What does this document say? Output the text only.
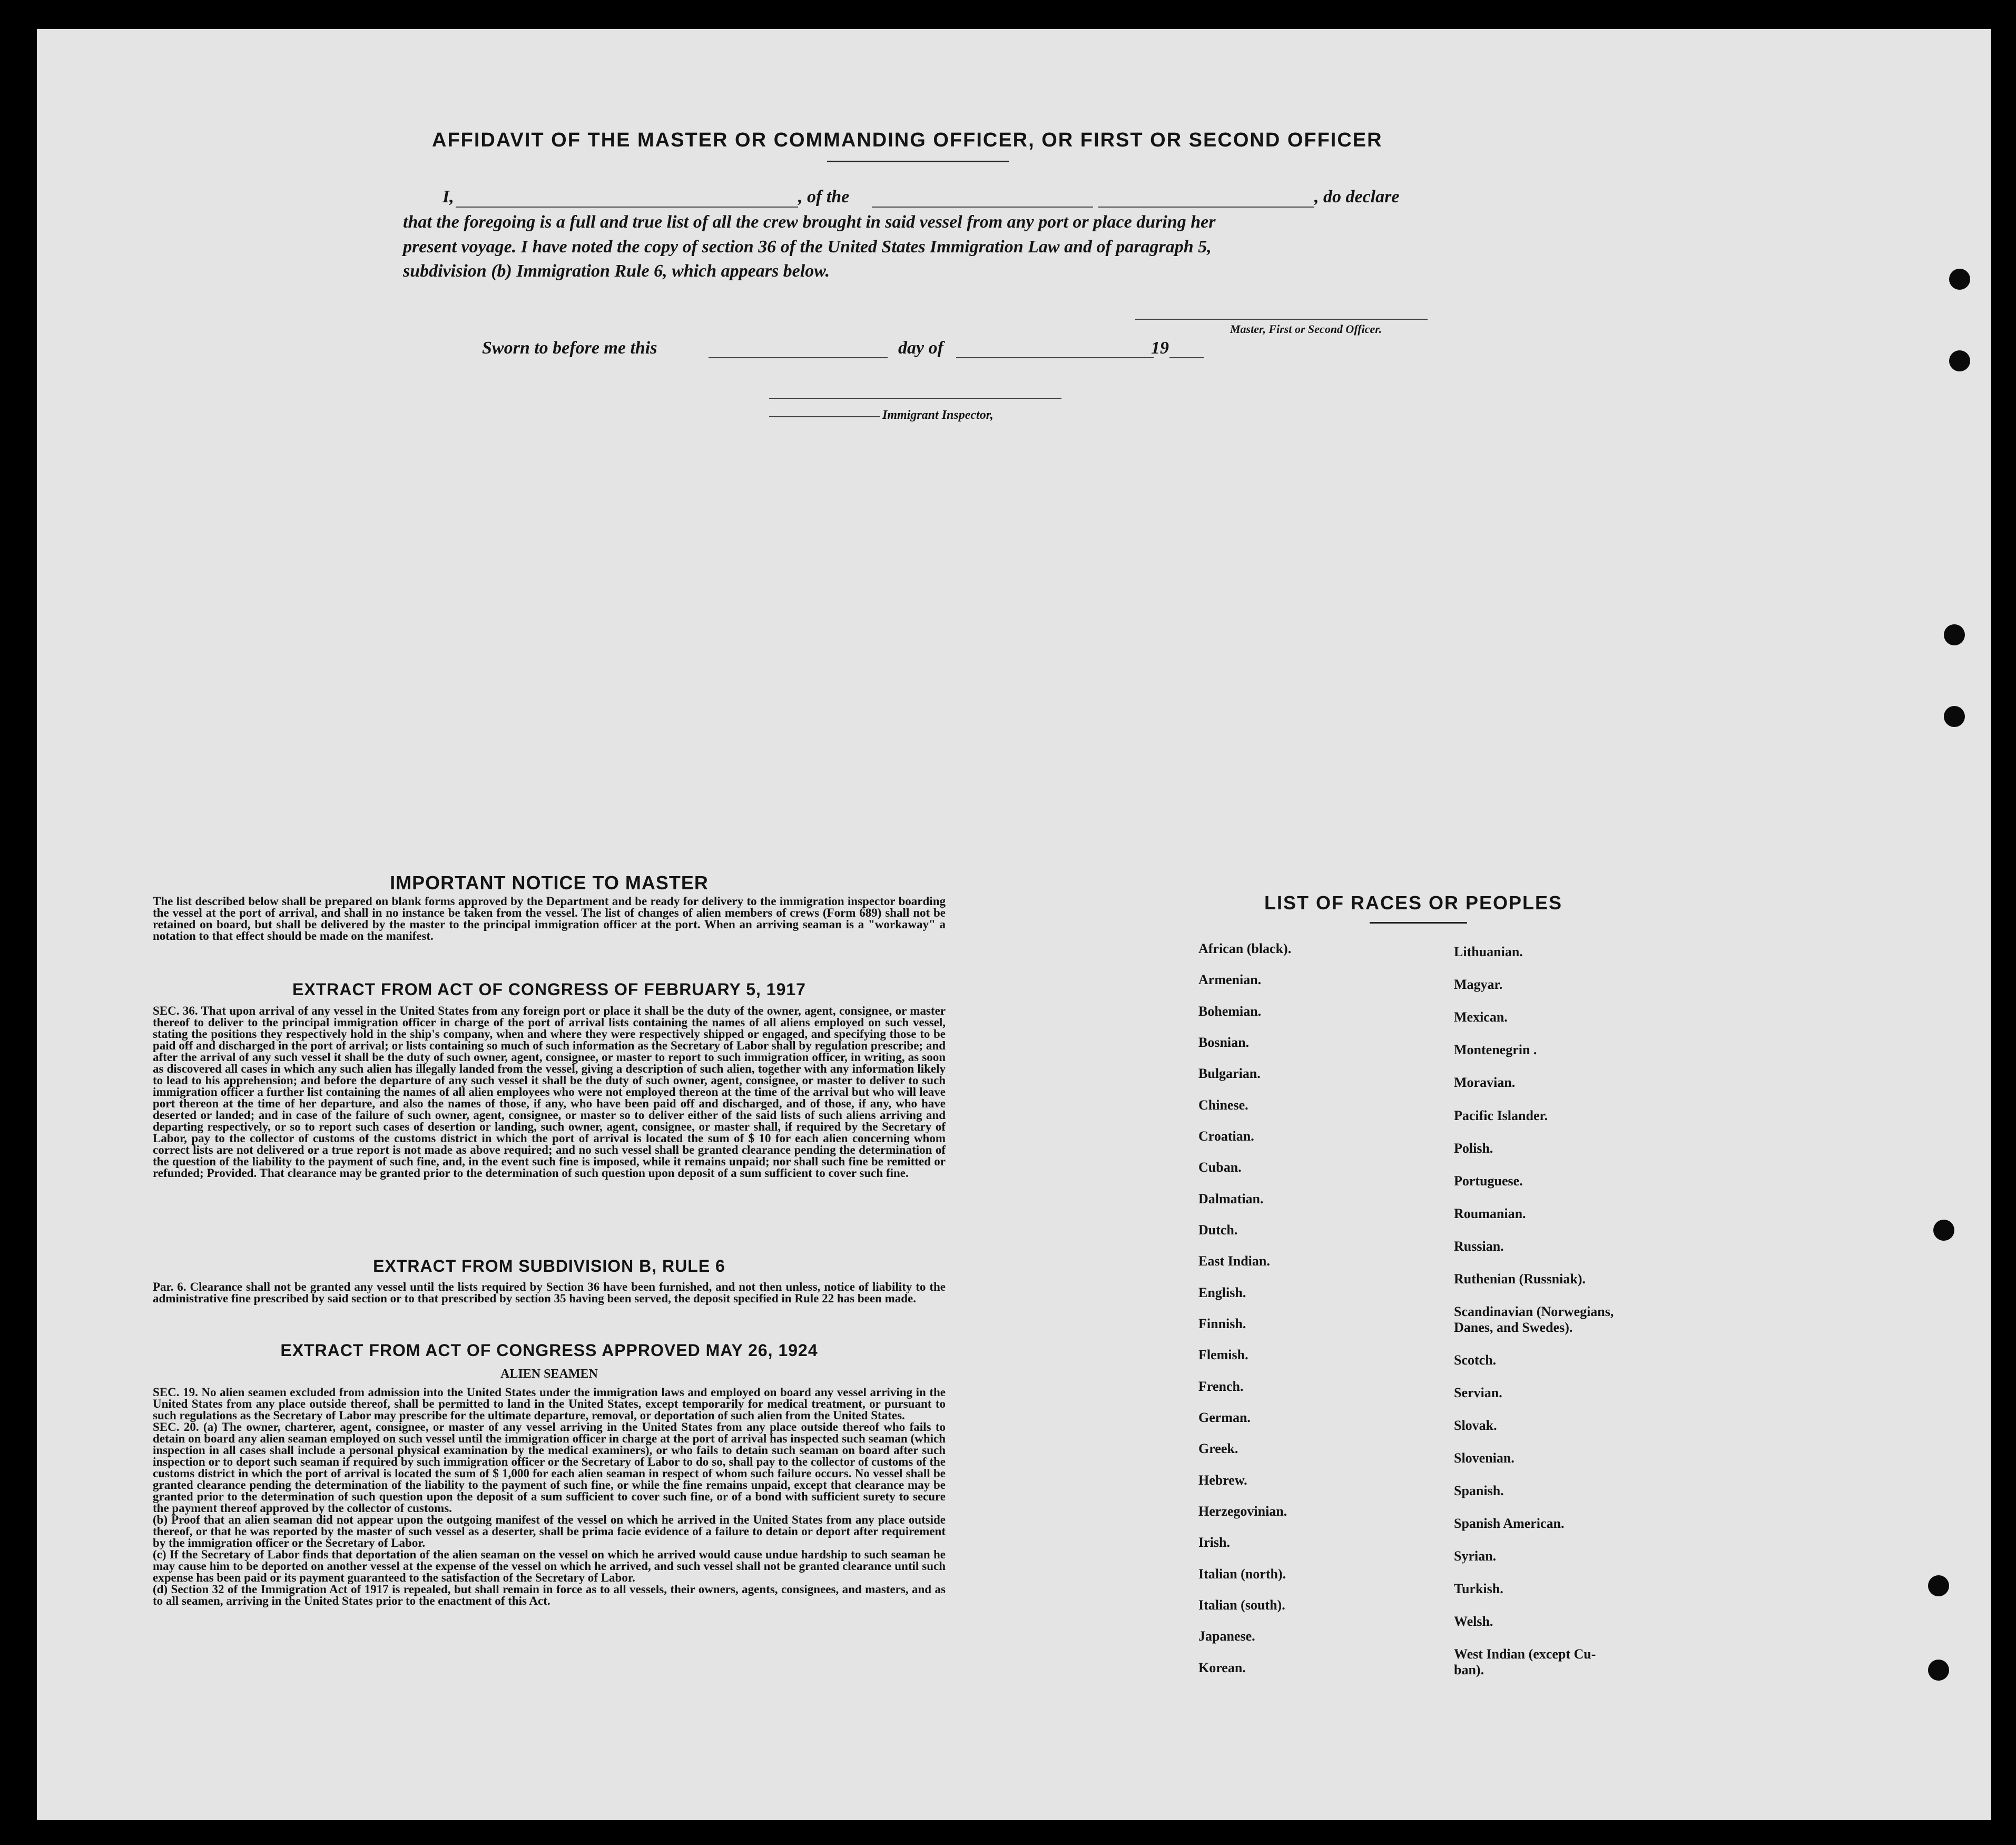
AFFIDAVIT OF THE MASTER OR COMMANDING OFFICER, OR FIRST OR SECOND OFFICER
I,	, of the	, do declare
that the foregoing is a full and true list of all the crew brought in said vessel from any port or place during her
present voyage. I have noted the copy of section 36 of the United States Immigration Law and of paragraph 5,
subdivision (b) Immigration Rule 6, which appears below.
Master, First or Second Officer.
Sworn to before me this	day of	19
Immigrant Inspector,
IMPORTANT NOTICE TO MASTER
The list described below shall be prepared on blank forms approved by the Department and be ready for delivery to the immigration inspector boarding the vessel at the port of arrival, and shall in no instance be taken from the vessel. The list of changes of alien members of crews (Form 689) shall not be retained on board, but shall be delivered by the master to the principal immigration officer at the port. When an arriving seaman is a "workaway" a notation to that effect should be made on the manifest.
EXTRACT FROM ACT OF CONGRESS OF FEBRUARY 5, 1917
SEC. 36. That upon arrival of any vessel in the United States from any foreign port or place it shall be the duty of the owner, agent, consignee, or master thereof to deliver to the principal immigration officer in charge of the port of arrival lists containing the names of all aliens employed on such vessel, stating the positions they respectively hold in the ship's company, when and where they were respectively shipped or engaged, and specifying those to be paid off and discharged in the port of arrival; or lists containing so much of such information as the Secretary of Labor shall by regulation prescribe; and after the arrival of any such vessel it shall be the duty of such owner, agent, consignee, or master to report to such immigration officer, in writing, as soon as discovered all cases in which any such alien has illegally landed from the vessel, giving a description of such alien, together with any information likely to lead to his apprehension; and before the departure of any such vessel it shall be the duty of such owner, agent, consignee, or master to deliver to such immigration officer a further list containing the names of all alien employees who were not employed thereon at the time of the arrival but who will leave port thereon at the time of her departure, and also the names of those, if any, who have been paid off and discharged, and of those, if any, who have deserted or landed; and in case of the failure of such owner, agent, consignee, or master so to deliver either of the said lists of such aliens arriving and departing respectively, or so to report such cases of desertion or landing, such owner, agent, consignee, or master shall, if required by the Secretary of Labor, pay to the collector of customs of the customs district in which the port of arrival is located the sum of $ 10 for each alien concerning whom correct lists are not delivered or a true report is not made as above required; and no such vessel shall be granted clearance pending the determination of the question of the liability to the payment of such fine, and, in the event such fine is imposed, while it remains unpaid; nor shall such fine be remitted or refunded; Provided. That clearance may be granted prior to the determination of such question upon deposit of a sum sufficient to cover such fine.
EXTRACT FROM SUBDIVISION B, RULE 6
Par. 6. Clearance shall not be granted any vessel until the lists required by Section 36 have been furnished, and not then unless, notice of liability to the administrative fine prescribed by said section or to that prescribed by section 35 having been served, the deposit specified in Rule 22 has been made.
EXTRACT FROM ACT OF CONGRESS APPROVED MAY 26, 1924
ALIEN SEAMEN
SEC. 19. No alien seamen excluded from admission into the United States under the immigration laws and employed on board any vessel arriving in the United States from any place outside thereof, shall be permitted to land in the United States, except temporarily for medical treatment, or pursuant to such regulations as the Secretary of Labor may prescribe for the ultimate departure, removal, or deportation of such alien from the United States.
SEC. 20. (a) The owner, charterer, agent, consignee, or master of any vessel arriving in the United States from any place outside thereof who fails to detain on board any alien seaman employed on such vessel until the immigration officer in charge at the port of arrival has inspected such seaman (which inspection in all cases shall include a personal physical examination by the medical examiners), or who fails to detain such seaman on board after such inspection or to deport such seaman if required by such immigration officer or the Secretary of Labor to do so, shall pay to the collector of customs of the customs district in which the port of arrival is located the sum of $ 1,000 for each alien seaman in respect of whom such failure occurs. No vessel shall be granted clearance pending the determination of the liability to the payment of such fine, or while the fine remains unpaid, except that clearance may be granted prior to the determination of such question upon the deposit of a sum sufficient to cover such fine, or of a bond with sufficient surety to secure the payment thereof approved by the collector of customs.
(b) Proof that an alien seaman did not appear upon the outgoing manifest of the vessel on which he arrived in the United States from any place outside thereof, or that he was reported by the master of such vessel as a deserter, shall be prima facie evidence of a failure to detain or deport after requirement by the immigration officer or the Secretary of Labor.
(c) If the Secretary of Labor finds that deportation of the alien seaman on the vessel on which he arrived would cause undue hardship to such seaman he may cause him to be deported on another vessel at the expense of the vessel on which he arrived, and such vessel shall not be granted clearance until such expense has been paid or its payment guaranteed to the satisfaction of the Secretary of Labor.
(d) Section 32 of the Immigration Act of 1917 is repealed, but shall remain in force as to all vessels, their owners, agents, consignees, and masters, and as to all seamen, arriving in the United States prior to the enactment of this Act.
LIST OF RACES OR PEOPLES
African (black).
Armenian.
Bohemian.
Bosnian.
Bulgarian.
Chinese.
Croatian.
Cuban.
Dalmatian.
Dutch.
East Indian.
English.
Finnish.
Flemish.
French.
German.
Greek.
Hebrew.
Herzegovinian.
Irish.
Italian (north).
Italian (south).
Japanese.
Korean.
Lithuanian.
Magyar.
Mexican.
Montenegrin .
Moravian.
Pacific Islander.
Polish.
Portuguese.
Roumanian.
Russian.
Ruthenian (Russniak).
Scandinavian (Norwegians,
Danes, and Swedes).
Scotch.
Servian.
Slovak.
Slovenian.
Spanish.
Spanish American.
Syrian.
Turkish.
Welsh.
West Indian (except Cu-
ban).
